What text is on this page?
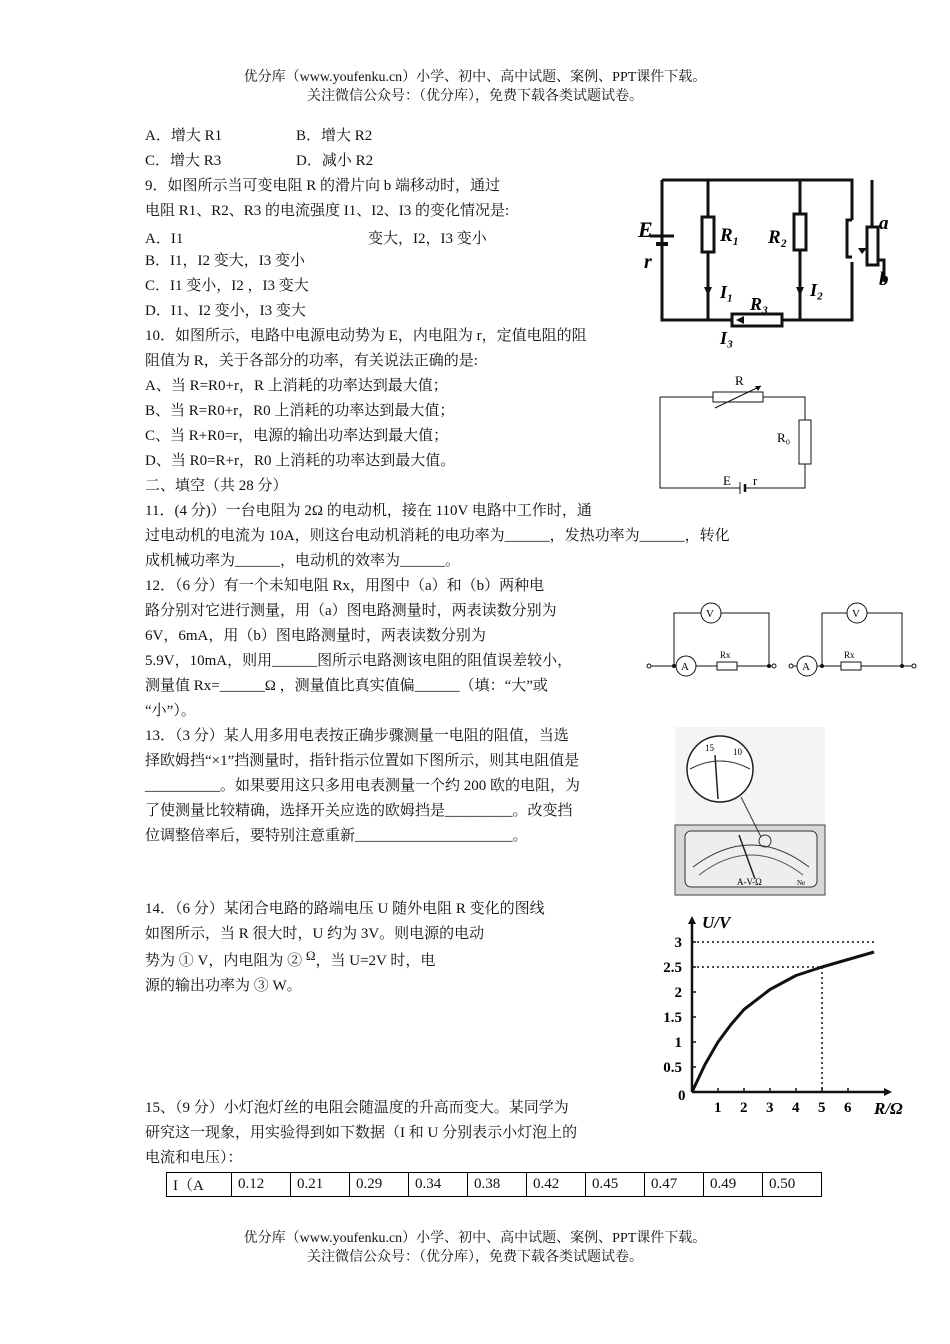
优分库（www.youfenku.cn）小学、初中、高中试题、案例、PPT课件下载。
关注微信公众号：（优分库），免费下载各类试题试卷。
A．增大 R1	B．增大 R2
C．增大 R3	D．减小 R2
9．如图所示当可变电阻 R 的滑片向 b 端移动时，通过
电阻 R1、R2、R3 的电流强度 I1、I2、I3 的变化情况是:
A．I1	变大，I2，I3 变小
B．I1，I2 变大，I3 变小
C．I1 变小，I2 ，I3 变大
D．I1、I2 变小，I3 变大
E
r
R₁ R₂
a
b
I₁	I₂
R₃
I₃
10．如图所示，电路中电源电动势为 E，内电阻为 r，定值电阻的阻
阻值为 R，关于各部分的功率，有关说法正确的是:
A、当 R=R0+r，R 上消耗的功率达到最大值；
B、当 R=R0+r，R0 上消耗的功率达到最大值；
C、当 R+R0=r，电源的输出功率达到最大值；
D、当 R0=R+r，R0 上消耗的功率达到最大值。
R
R₀
E r
二、填空（共 28 分）
11．(4 分)）一台电阻为 2Ω 的电动机，接在 110V 电路中工作时，通
过电动机的电流为 10A，则这台电动机消耗的电功率为______，发热功率为______，转化
成机械功率为______，电动机的效率为______。
12．（6 分）有一个未知电阻 Rx，用图中（a）和（b）两种电
路分别对它进行测量，用（a）图电路测量时，两表读数分别为
6V，6mA，用（b）图电路测量时，两表读数分别为
5.9V，10mA，则用______图所示电路测该电阻的阻值误差较小，
测量值 Rx=______Ω ，测量值比真实值偏______（填：“大”或
“小”）。
V
A
Rx
V
A
Rx
13．（3 分）某人用多用电表按正确步骤测量一电阻的阻值，当选
择欧姆挡“×1”挡测量时，指针指示位置如下图所示，则其电阻值是
__________。如果要用这只多用电表测量一个约 200 欧的电阻，为
了使测量比较精确，选择开关应选的欧姆挡是_________。改变挡
位调整倍率后，要特别注意重新_____________________。
15 10
A-V-Ω	Ne
14．（6 分）某闭合电路的路端电压 U 随外电阻 R 变化的图线
如图所示，当 R 很大时，U 约为 3V。则电源的电动
势为 ① V，内电阻为 ② Ω，当 U=2V 时，电
源的输出功率为 ③ W。
U/V
R/Ω
0
1 2 3 4 5 6
0.5
1
1.5
2
2.5
3
15、（9 分）小灯泡灯丝的电阻会随温度的升高而变大。某同学为
研究这一现象，用实验得到如下数据（I 和 U 分别表示小灯泡上的
电流和电压）：
I（A	0.12	0.21	0.29	0.34	0.38	0.42	0.45	0.47	0.49	0.50
优分库（www.youfenku.cn）小学、初中、高中试题、案例、PPT课件下载。
关注微信公众号：（优分库），免费下载各类试题试卷。
